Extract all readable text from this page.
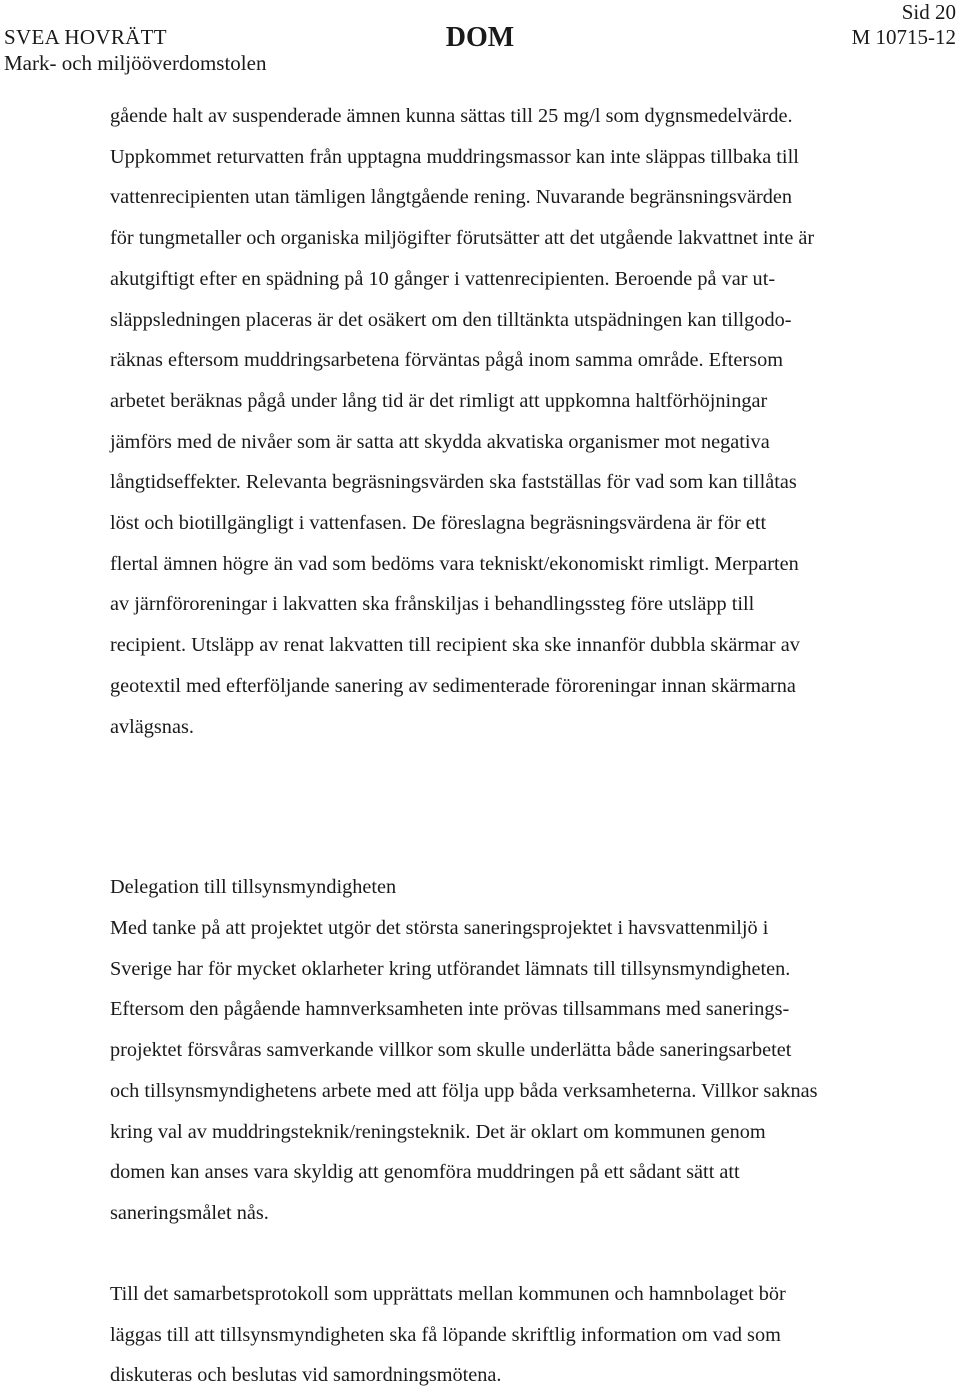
Sid 20
SVEA HOVRÄTT
Mark- och miljööverdomstolen
DOM	M 10715-12
gående halt av suspenderade ämnen kunna sättas till 25 mg/l som dygnsmedelvärde.
Uppkommet returvatten från upptagna muddringsmassor kan inte släppas tillbaka till
vattenrecipienten utan tämligen långtgående rening. Nuvarande begränsningsvärden
för tungmetaller och organiska miljögifter förutsätter att det utgående lakvattnet inte är
akutgiftigt efter en spädning på 10 gånger i vattenrecipienten. Beroende på var ut-
släppsledningen placeras är det osäkert om den tilltänkta utspädningen kan tillgodo-
räknas eftersom muddringsarbetena förväntas pågå inom samma område. Eftersom
arbetet beräknas pågå under lång tid är det rimligt att uppkomna haltförhöjningar
jämförs med de nivåer som är satta att skydda akvatiska organismer mot negativa
långtidseffekter. Relevanta begräsningsvärden ska fastställas för vad som kan tillåtas
löst och biotillgängligt i vattenfasen. De föreslagna begräsningsvärdena är för ett
flertal ämnen högre än vad som bedöms vara tekniskt/ekonomiskt rimligt. Merparten
av järnföroreningar i lakvatten ska frånskiljas i behandlingssteg före utsläpp till
recipient. Utsläpp av renat lakvatten till recipient ska ske innanför dubbla skärmar av
geotextil med efterföljande sanering av sedimenterade föroreningar innan skärmarna
avlägsnas.
Delegation till tillsynsmyndigheten
Med tanke på att projektet utgör det största saneringsprojektet i havsvattenmiljö i
Sverige har för mycket oklarheter kring utförandet lämnats till tillsynsmyndigheten.
Eftersom den pågående hamnverksamheten inte prövas tillsammans med sanerings-
projektet försvåras samverkande villkor som skulle underlätta både saneringsarbetet
och tillsynsmyndighetens arbete med att följa upp båda verksamheterna. Villkor saknas
kring val av muddringsteknik/reningsteknik. Det är oklart om kommunen genom
domen kan anses vara skyldig att genomföra muddringen på ett sådant sätt att
saneringsmålet nås.
Till det samarbetsprotokoll som upprättats mellan kommunen och hamnbolaget bör
läggas till att tillsynsmyndigheten ska få löpande skriftlig information om vad som
diskuteras och beslutas vid samordningsmötena.
